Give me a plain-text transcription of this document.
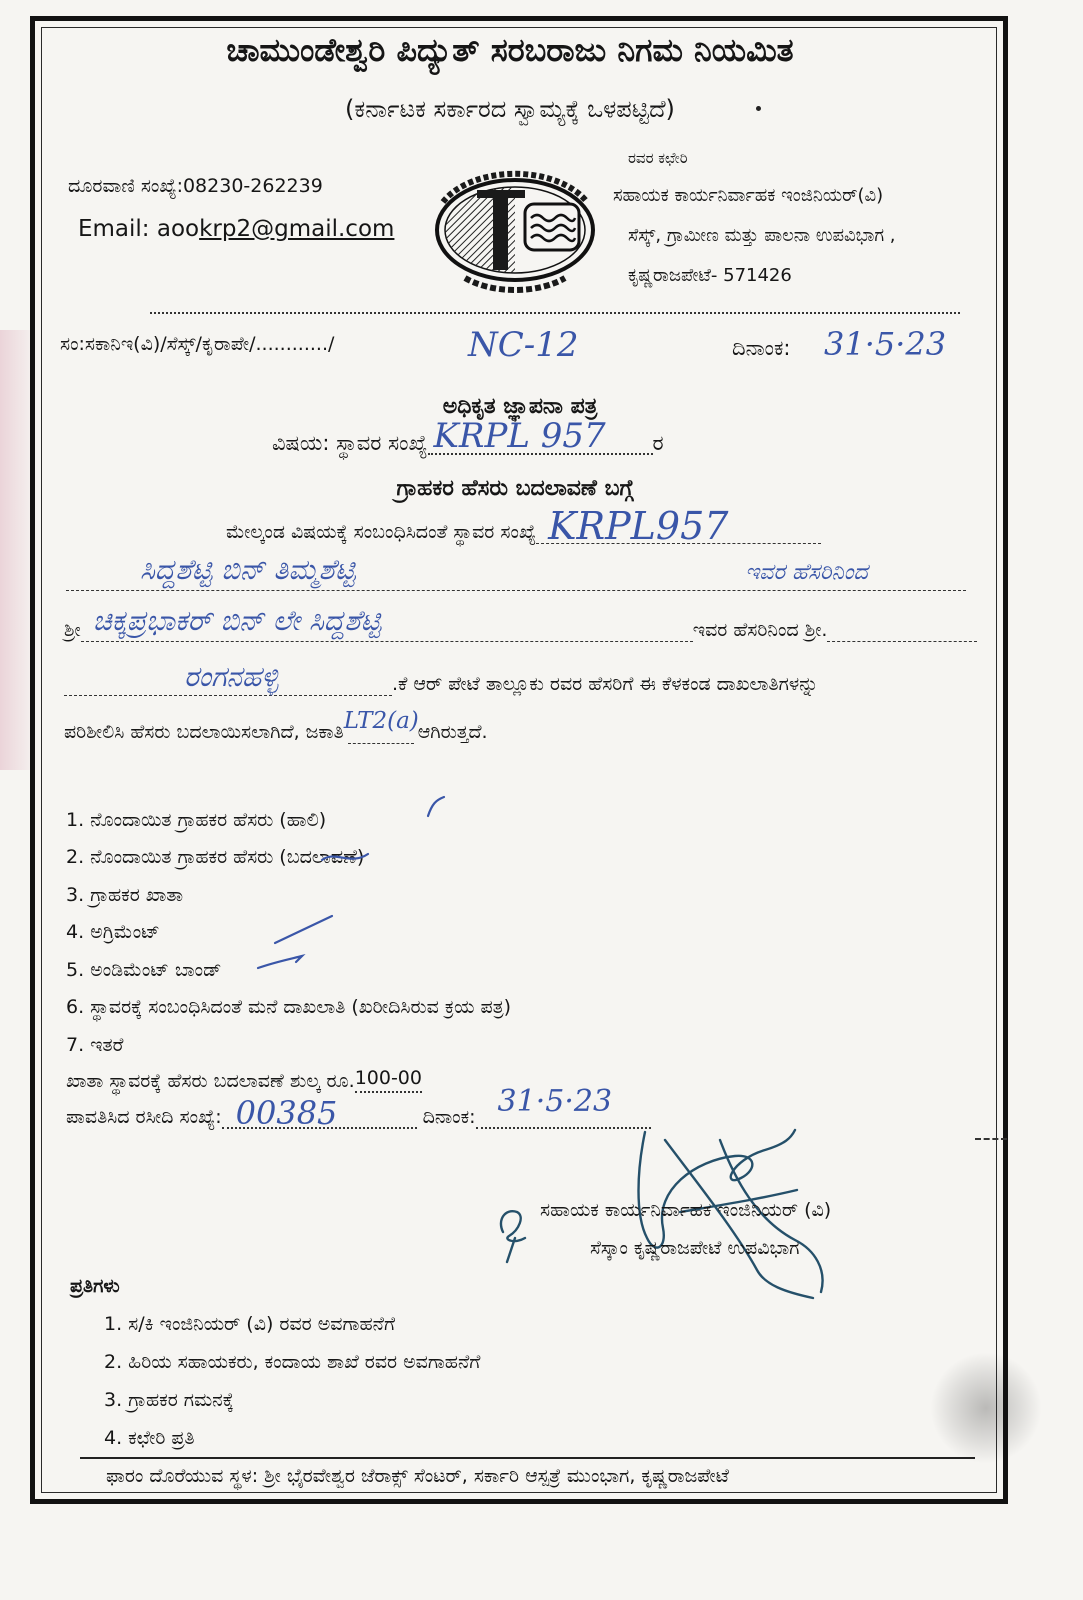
ಚಾಮುಂಡೇಶ್ವರಿ ಪಿದ್ಯುತ್ ಸರಬರಾಜು ನಿಗಮ ನಿಯಮಿತ
(ಕರ್ನಾಟಕ ಸರ್ಕಾರದ ಸ್ವಾಮ್ಯಕ್ಕೆ ಒಳಪಟ್ಟಿದೆ)
ದೂರವಾಣಿ ಸಂಖ್ಯೆ:08230-262239
Email: aoo krp2@gmail.com
ರವರ ಕಛೇರಿ
ಸಹಾಯಕ ಕಾರ್ಯನಿರ್ವಾಹಕ ಇಂಜಿನಿಯರ್(ವಿ)
ಸೆಸ್ಕ್, ಗ್ರಾಮೀಣ ಮತ್ತು ಪಾಲನಾ ಉಪವಿಭಾಗ ,
ಕೃಷ್ಣರಾಜಪೇಟೆ- 571426
ಸಂ:ಸಕಾನಿಇ(ವಿ)/ಸೆಸ್ಕ್/ಕೃರಾಪೇ/............/	NC-12	ದಿನಾಂಕ: 31·5·23
ಅಧಿಕೃತ ಜ್ಞಾಪನಾ ಪತ್ರ
ವಿಷಯ: ಸ್ಥಾವರ ಸಂಖ್ಯೆ KRPL 957 ರ
ಗ್ರಾಹಕರ ಹೆಸರು ಬದಲಾವಣೆ ಬಗ್ಗೆ
ಮೇಲ್ಕಂಡ ವಿಷಯಕ್ಕೆ ಸಂಬಂಧಿಸಿದಂತೆ ಸ್ಥಾವರ ಸಂಖ್ಯೆ KRPL957
ಸಿದ್ದಶೆಟ್ಟಿ ಬಿನ್ ತಿಮ್ಮಶೆಟ್ಟಿ	ಇವರ ಹೆಸರಿನಿಂದ
ಶ್ರೀ ಚಿಕ್ಕಪ್ರಭಾಕರ್ ಬಿನ್ ಲೇ ಸಿದ್ದಶೆಟ್ಟಿ	ಇವರ ಹೆಸರಿನಿಂದ ಶ್ರೀ.
ರಂಗನಹಳ್ಳಿ	.ಕೆ ಆರ್ ಪೇಟೆ ತಾಲ್ಲೂಕು ರವರ ಹೆಸರಿಗೆ ಈ ಕೆಳಕಂಡ ದಾಖಲಾತಿಗಳನ್ನು
ಪರಿಶೀಲಿಸಿ ಹೆಸರು ಬದಲಾಯಿಸಲಾಗಿದೆ, ಜಕಾತಿ LT2(a)
ಆಗಿರುತ್ತದೆ.
1. ನೊಂದಾಯಿತ ಗ್ರಾಹಕರ ಹೆಸರು (ಹಾಲಿ)
2. ನೊಂದಾಯಿತ ಗ್ರಾಹಕರ ಹೆಸರು (ಬದಲಾವಣೆ)
3. ಗ್ರಾಹಕರ ಖಾತಾ
4. ಅಗ್ರಿಮೆಂಟ್
5. ಅಂಡಿಮೆಂಟ್ ಬಾಂಡ್
6. ಸ್ಥಾವರಕ್ಕೆ ಸಂಬಂಧಿಸಿದಂತೆ ಮನೆ ದಾಖಲಾತಿ (ಖರೀದಿಸಿರುವ ಕ್ರಯ ಪತ್ರ)
7. ಇತರೆ
ಖಾತಾ ಸ್ಥಾವರಕ್ಕೆ ಹೆಸರು ಬದಲಾವಣೆ ಶುಲ್ಕ ರೂ. 100-00
ಪಾವತಿಸಿದ ರಸೀದಿ ಸಂಖ್ಯೆ: 00385	ದಿನಾಂಕ: 31·5·23
ಸಹಾಯಕ ಕಾರ್ಯನಿರ್ವಾಹಕ ಇಂಜಿನಿಯರ್ (ವಿ)
ಸೆಸ್ಕಾಂ ಕೃಷ್ಣರಾಜಪೇಟೆ ಉಪವಿಭಾಗ
ಪ್ರತಿಗಳು
1. ಸ/ಕಿ ಇಂಜಿನಿಯರ್ (ವಿ) ರವರ ಅವಗಾಹನೆಗೆ
2. ಹಿರಿಯ ಸಹಾಯಕರು, ಕಂದಾಯ ಶಾಖೆ ರವರ ಅವಗಾಹನೆಗೆ
3. ಗ್ರಾಹಕರ ಗಮನಕ್ಕೆ
4. ಕಛೇರಿ ಪ್ರತಿ
ಫಾರಂ ದೊರೆಯುವ ಸ್ಥಳ: ಶ್ರೀ ಭೈರವೇಶ್ವರ ಜೆರಾಕ್ಸ್ ಸೆಂಟರ್, ಸರ್ಕಾರಿ ಆಸ್ಪತ್ರೆ ಮುಂಭಾಗ, ಕೃಷ್ಣರಾಜಪೇಟೆ
